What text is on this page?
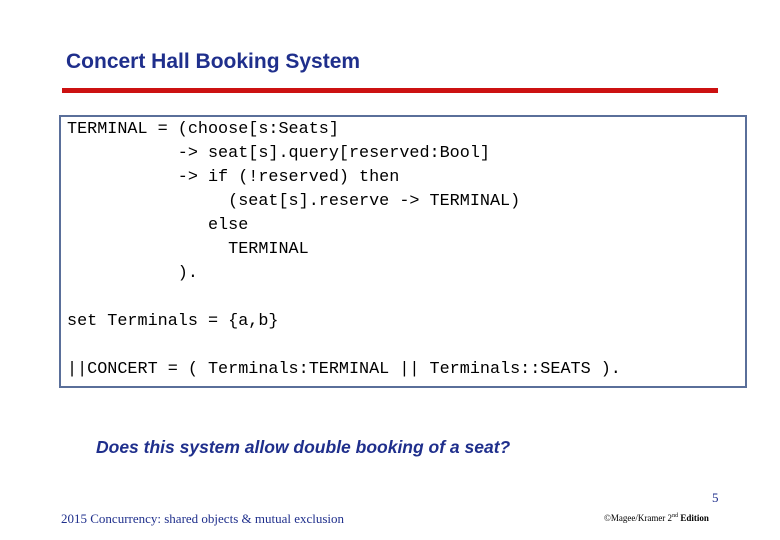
Concert Hall Booking System
TERMINAL = (choose[s:Seats]
-> seat[s].query[reserved:Bool]
-> if (!reserved) then
(seat[s].reserve -> TERMINAL)
else
TERMINAL
).

set Terminals = {a,b}

||CONCERT = ( Terminals:TERMINAL || Terminals::SEATS ).
Does this system allow double booking of a seat?
5
2015 Concurrency: shared objects & mutual exclusion	©Magee/Kramer 2nd Edition
